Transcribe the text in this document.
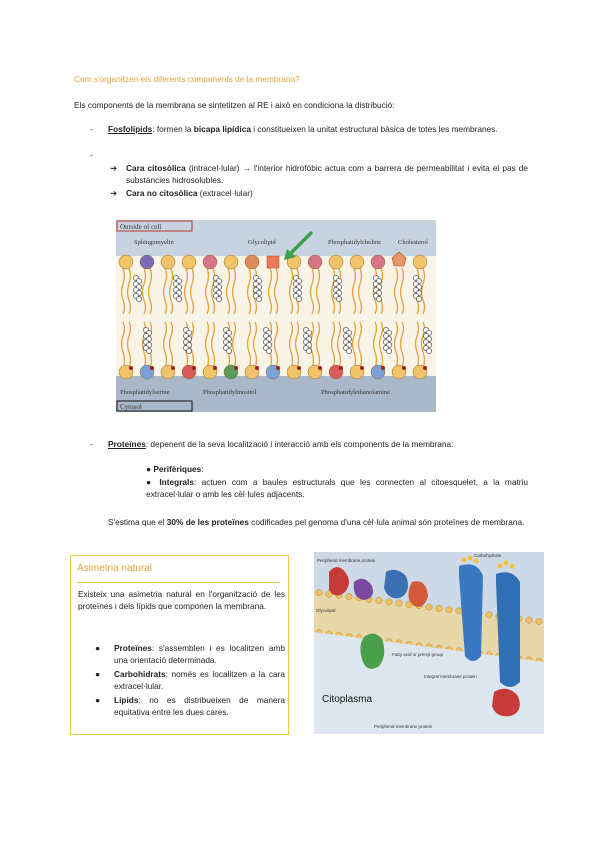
Com s'organitzen els diferents components de la membrana?
Els components de la membrana se sintetitzen al RE i això en condiciona la distribució:
- Fosfolípids: formen la bicapa lipídica i constitueixen la unitat estructural bàsica de totes les membranes.
-
➔ Cara citosòlica (intracel·lular) → l'interior hidrofòbic actua com a barrera de permeabilitat i evita el pas de substàncies hidrosolubles.
➔ Cara no citosòlica (extracel·lular)
Outside of cell
Sphingomyelin	Glycolipid	Phosphatidylcholine	Cholesterol
Phosphatidylserine	Phosphatidylinositol	Phosphatidylethanolamine
Cytosol
- Proteïnes: depenent de la seva localització i interacció amb els components de la membrana:
● Perifèriques:
● Integrals: actuen com a baules estructurals que les connecten al citoesquelet, a la matriu extracel·lular o amb les cèl·lules adjacents.
S'estima que el 30% de les proteïnes codificades pel genoma d'una cèl·lula animal són proteïnes de membrana.
Asimetria natural
Existeix una asimetria natural en l'organització de les proteïnes i dels lípids que componen la membrana.
● Proteïnes: s'assemblen i es localitzen amb una orientació determinada.
● Carbohidrats: només es localitzen a la cara extracel·lular.
● Lípids: no es distribueixen de manera equitativa entre les dues cares.
Peripheral membrane protein
Carbohydrate
Glycolipid
Fatty acid or prenyl group
Integral membrane protein
Peripheral membrane protein
Citoplasma
